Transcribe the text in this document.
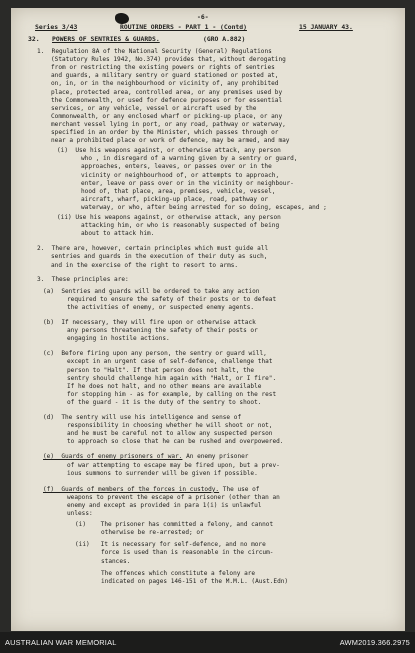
-6-
Series 3/43	ROUTINE ORDERS - PART 1 - (Contd)	15 JANUARY 43.
32. POWERS OF SENTRIES & GUARDS.	(GRO A.882)
1.  Regulation 8A of the National Security (General) Regulations
(Statutory Rules 1942, No.374) provides that, without derogating
from or restricting the existing powers or rights of sentries
and guards, a military sentry or guard stationed or posted at,
on, in, or in the neighbourhood or vicinity of, any prohibited
place, protected area, controlled area, or any premises used by
the Commonwealth, or used for defence purposes or for essential
services, or any vehicle, vessel or aircraft used by the
Commonwealth, or any enclosed wharf or picking-up place, or any
merchant vessel lying in port, or any road, pathway or waterway,
specified in an order by the Minister, which passes through or
near a prohibited place or work of defence, may be armed, and may
(i)  Use his weapons against, or otherwise attack, any person
who , in disregard of a warning given by a sentry or guard,
approaches, enters, leaves, or passes over or in the
vicinity or neighbourhood of, or attempts to approach,
enter, leave or pass over or in the vicinity or neighbour-
hood of, that place, area, premises, vehicle, vessel,
aircraft, wharf, picking-up place, road, pathway or
waterway, or who, after being arrested for so doing, escapes, and ;
(ii) Use his weapons against, or otherwise attack, any person
attacking him, or who is reasonably suspected of being
about to attack him.
2.  There are, however, certain principles which must guide all
sentries and guards in the execution of their duty as such,
and in the exercise of the right to resort to arms.
3.  These principles are:
(a)  Sentries and guards will be ordered to take any action
required to ensure the safety of their posts or to defeat
the activities of enemy, or suspected enemy agents.
(b)  If necessary, they will fire upon or otherwise attack
any persons threatening the safety of their posts or
engaging in hostile actions.
(c)  Before firing upon any person, the sentry or guard will,
except in an urgent case of self-defence, challenge that
person to "Halt". If that person does not halt, the
sentry should challenge him again with "Halt, or I fire".
If he does not halt, and no other means are available
for stopping him - as for example, by calling on the rest
of the guard - it is the duty of the sentry to shoot.
(d)  The sentry will use his intelligence and sense of
responsibility in choosing whether he will shoot or not,
and he must be careful not to allow any suspected person
to approach so close that he can be rushed and overpowered.
(e)  Guards of enemy prisoners of war. An enemy prisoner
of war attempting to escape may be fired upon, but a prev-
ious summons to surrender will be given if possible.
(f)  Guards of members of the forces in custody. The use of
weapons to prevent the escape of a prisoner (other than an
enemy and except as provided in para 1(i) is unlawful
unless:
(i)    The prisoner has committed a felony, and cannot
otherwise be re-arrested; or
(ii)   It is necessary for self-defence, and no more
force is used than is reasonable in the circum-
stances.
The offences which constitute a felony are
indicated on pages 146-151 of the M.M.L. (Aust.Edn)
AUSTRALIAN WAR MEMORIAL	AWM2019.366.2975
